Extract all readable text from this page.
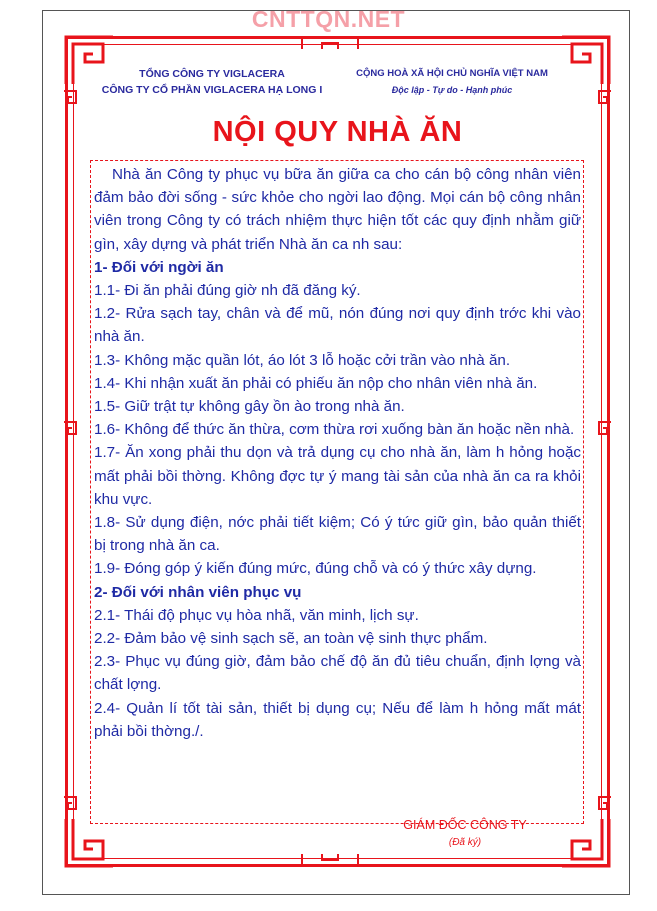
CNTTQN.NET
TỔNG CÔNG TY VIGLACERA
CÔNG TY CỔ PHẦN VIGLACERA HẠ LONG I
CỘNG HOÀ XÃ HỘI CHỦ NGHĨA VIỆT NAM
Độc lập - Tự do - Hạnh phúc
NỘI QUY NHÀ ĂN

Nhà ăn Công ty phục vụ bữa ăn giữa ca cho cán bộ công nhân viên đảm bảo đời sống - sức khỏe cho ngời lao động. Mọi cán bộ công nhân viên trong Công ty có trách nhiệm thực hiện tốt các quy định nhằm giữ gìn, xây dựng và phát triển Nhà ăn ca nh sau:

1- Đối với ngời ăn

1.1- Đi ăn phải đúng giờ nh đã đăng ký.

1.2- Rửa sạch tay, chân và để mũ, nón đúng nơi quy định trớc khi vào nhà ăn.

1.3- Không mặc quần lót, áo lót 3 lỗ hoặc cởi trần vào nhà ăn.

1.4- Khi nhận xuất ăn phải có phiếu ăn nộp cho nhân viên nhà ăn.

1.5- Giữ trật tự không gây ồn ào trong nhà ăn.

1.6- Không để thức ăn thừa, cơm thừa rơi xuống bàn ăn hoặc nền nhà.

1.7- Ăn xong phải thu dọn và trả dụng cụ cho nhà ăn, làm h hỏng hoặc mất phải bồi thờng. Không đợc tự ý mang tài sản của nhà ăn ca ra khỏi khu vực.

1.8- Sử dụng điện, nớc phải tiết kiệm; Có ý tức giữ gìn, bảo quản thiết bị trong nhà ăn ca.

1.9- Đóng góp ý kiến đúng mức, đúng chỗ và có ý thức xây dựng.

2- Đối với nhân viên phục vụ

2.1- Thái độ phục vụ hòa nhã, văn minh, lịch sự.

2.2- Đảm bảo vệ sinh sạch sẽ, an toàn vệ sinh thực phẩm.

2.3- Phục vụ đúng giờ, đảm bảo chế độ ăn đủ tiêu chuẩn, định lợng và chất lợng.

2.4- Quản lí tốt tài sản, thiết bị dụng cụ; Nếu để làm h hỏng mất mát phải bồi thờng./.

GIÁM ĐỐC CÔNG TY
(Đã ký)
